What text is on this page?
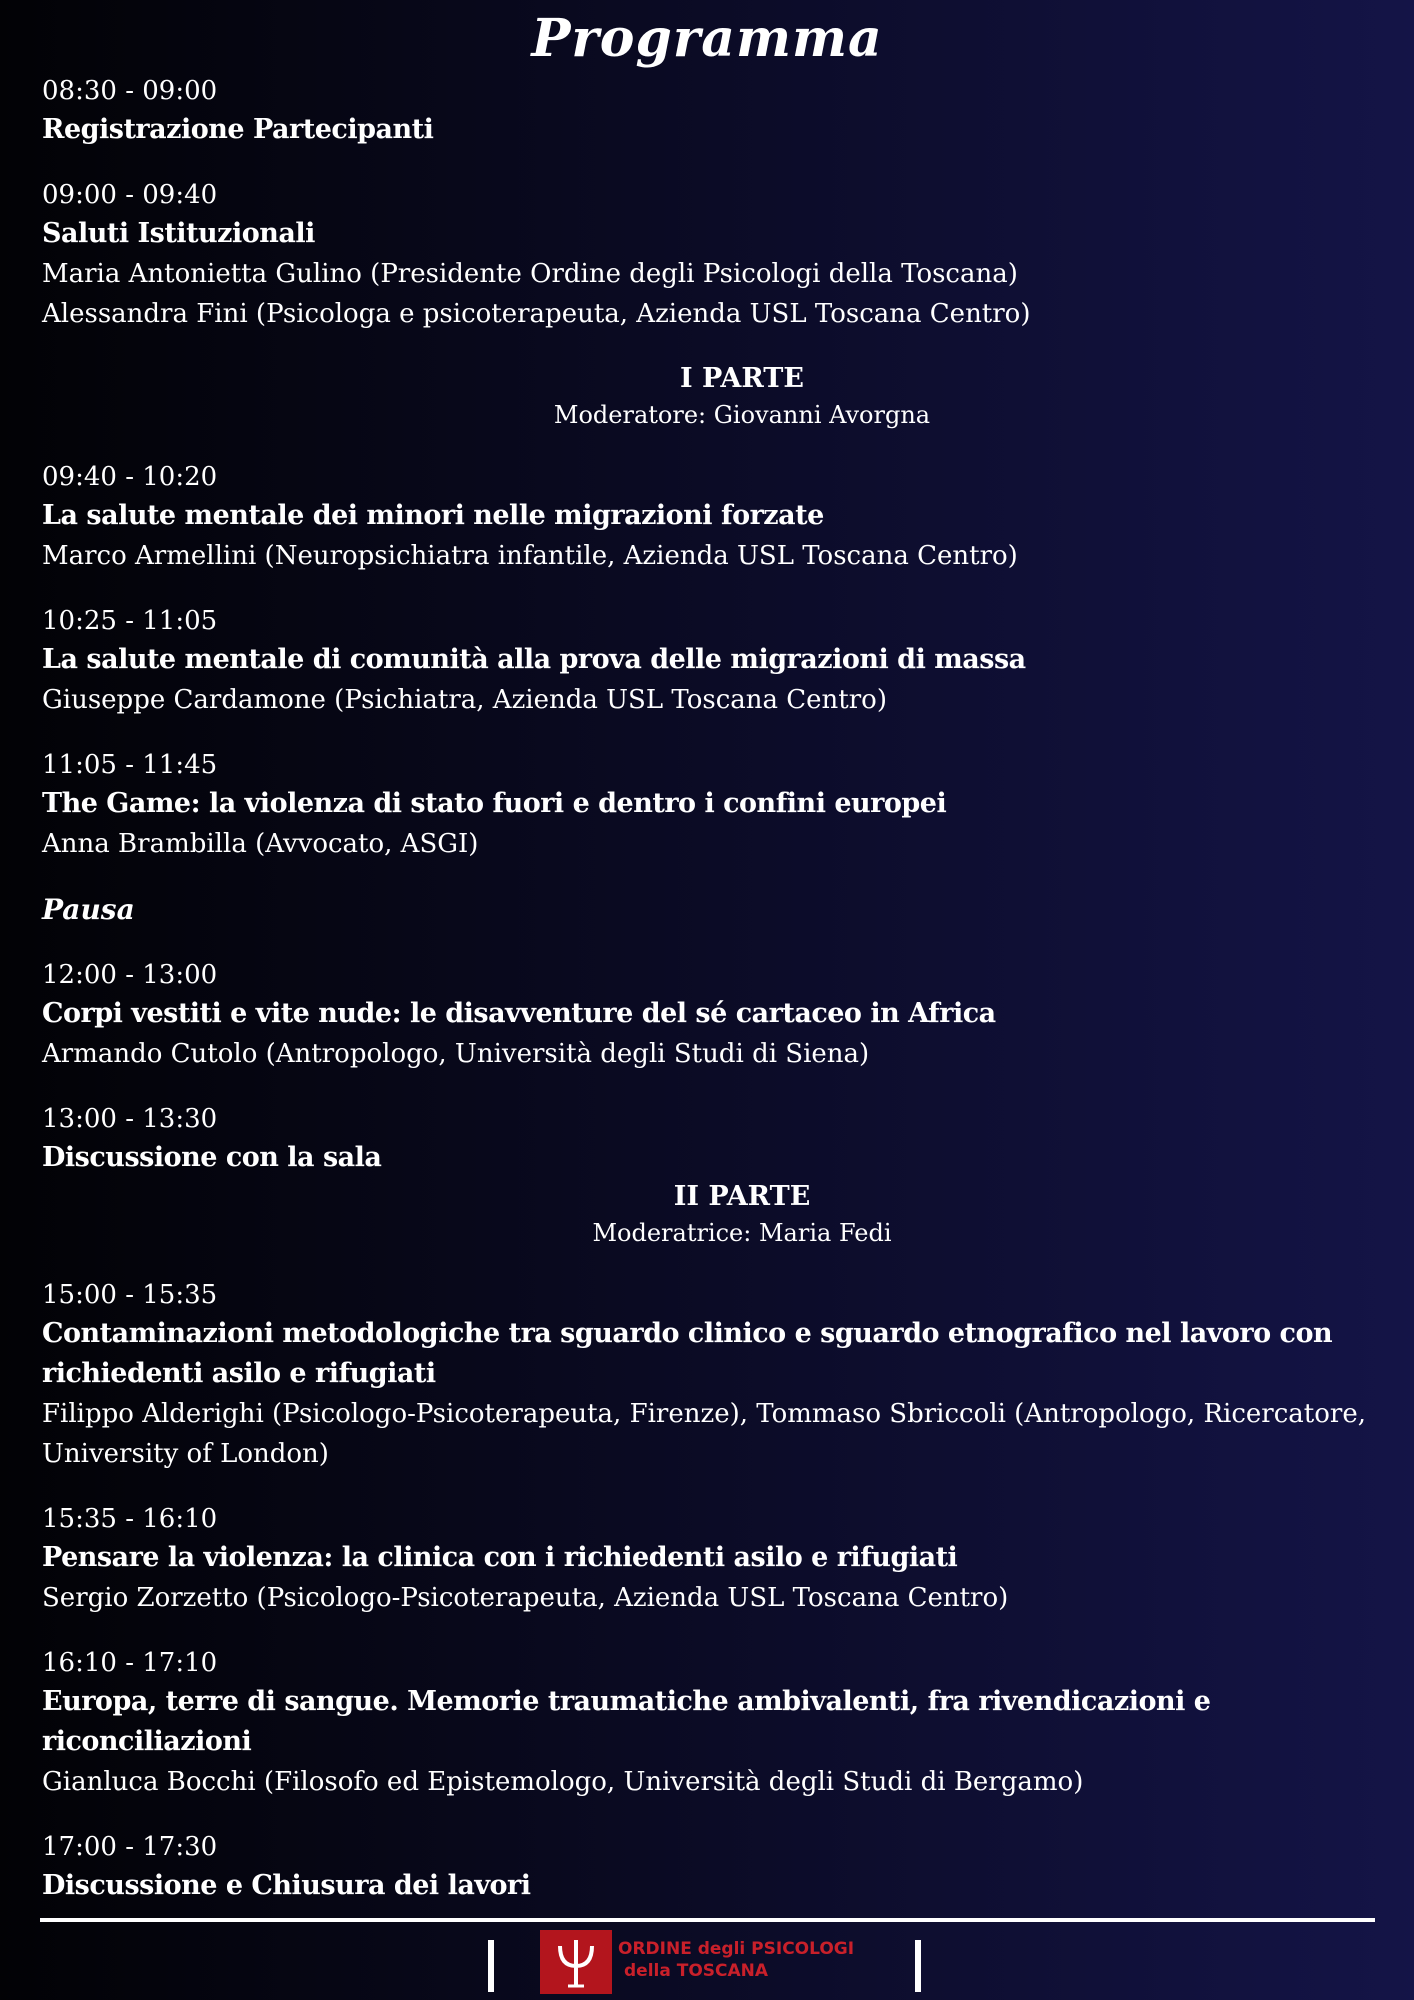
Programma
08:30 - 09:00
Registrazione Partecipanti
09:00 - 09:40
Saluti Istituzionali
Maria Antonietta Gulino (Presidente Ordine degli Psicologi della Toscana)
Alessandra Fini (Psicologa e psicoterapeuta, Azienda USL Toscana Centro)
I PARTE
Moderatore: Giovanni Avorgna
09:40 - 10:20
La salute mentale dei minori nelle migrazioni forzate
Marco Armellini (Neuropsichiatra infantile, Azienda USL Toscana Centro)
10:25 - 11:05
La salute mentale di comunità alla prova delle migrazioni di massa
Giuseppe Cardamone (Psichiatra, Azienda USL Toscana Centro)
11:05 - 11:45
The Game: la violenza di stato fuori e dentro i confini europei
Anna Brambilla (Avvocato, ASGI)
Pausa
12:00 - 13:00
Corpi vestiti e vite nude: le disavventure del sé cartaceo in Africa
Armando Cutolo (Antropologo, Università degli Studi di Siena)
13:00 - 13:30
Discussione con la sala
II PARTE
Moderatrice: Maria Fedi
15:00 - 15:35
Contaminazioni metodologiche tra sguardo clinico e sguardo etnografico nel lavoro con richiedenti asilo e rifugiati
Filippo Alderighi (Psicologo-Psicoterapeuta, Firenze), Tommaso Sbriccoli (Antropologo, Ricercatore, University of London)
15:35 - 16:10
Pensare la violenza: la clinica con i richiedenti asilo e rifugiati
Sergio Zorzetto (Psicologo-Psicoterapeuta, Azienda USL Toscana Centro)
16:10 - 17:10
Europa, terre di sangue. Memorie traumatiche ambivalenti, fra rivendicazioni e riconciliazioni
Gianluca Bocchi (Filosofo ed Epistemologo, Università degli Studi di Bergamo)
17:00 - 17:30
Discussione e Chiusura dei lavori
ORDINE degli PSICOLOGI
della TOSCANA
